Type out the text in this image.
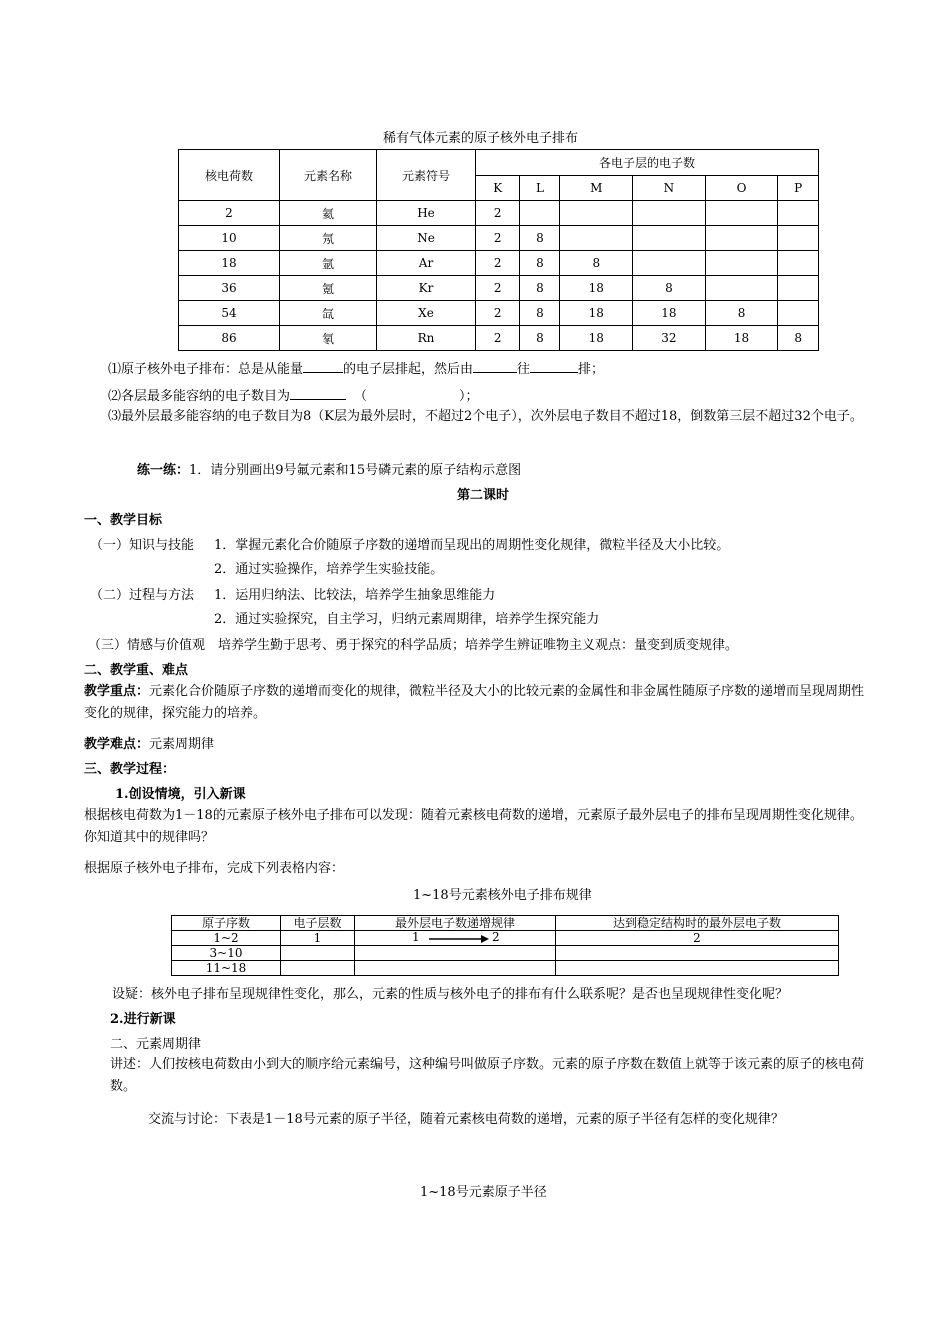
稀有气体元素的原子核外电子排布
核电荷数	元素名称	元素符号	各电子层的电子数					
			K	L	M	N	O	P
2	氦	He	2					
10	氖	Ne	2	8				
18	氩	Ar	2	8	8			
36	氪	Kr	2	8	18	8		
54	氙	Xe	2	8	18	18	8	
86	氡	Rn	2	8	18	32	18	8
⑴原子核外电子排布：总是从能量	的电子层排起，然后由	往	排；
⑵各层最多能容纳的电子数目为	（	）；
⑶最外层最多能容纳的电子数目为8（K层为最外层时，不超过2个电子），次外层电子数目不超过18，倒数第三层不超过32个电子。
练一练：1．请分别画出9号氟元素和15号磷元素的原子结构示意图
第二课时
一、教学目标
（一）知识与技能 1．掌握元素化合价随原子序数的递增而呈现出的周期性变化规律，微粒半径及大小比较。
2．通过实验操作，培养学生实验技能。
（二）过程与方法 1．运用归纳法、比较法，培养学生抽象思维能力
2．通过实验探究，自主学习，归纳元素周期律，培养学生探究能力
（三）情感与价值观　培养学生勤于思考、勇于探究的科学品质；培养学生辨证唯物主义观点：量变到质变规律。
二、教学重、难点
教学重点：元素化合价随原子序数的递增而变化的规律，微粒半径及大小的比较元素的金属性和非金属性随原子序数的递增而呈现周期性变化的规律，探究能力的培养。
教学难点：元素周期律
三、教学过程：
1.创设情境，引入新课
根据核电荷数为1－18的元素原子核外电子排布可以发现：随着元素核电荷数的递增，元素原子最外层电子的排布呈现周期性变化规律。你知道其中的规律吗？
根据原子核外电子排布，完成下列表格内容：
1~18号元素核外电子排布规律
原子序数	电子层数	最外层电子数递增规律	达到稳定结构时的最外层电子数
1~2	1	1 2	2
3~10			
11~18			
设疑：核外电子排布呈现规律性变化，那么，元素的性质与核外电子的排布有什么联系呢？是否也呈现规律性变化呢？
2.进行新课
二、元素周期律
讲述：人们按核电荷数由小到大的顺序给元素编号，这种编号叫做原子序数。元素的原子序数在数值上就等于该元素的原子的核电荷数。
交流与讨论：下表是1－18号元素的原子半径，随着元素核电荷数的递增，元素的原子半径有怎样的变化规律？
1~18号元素原子半径
